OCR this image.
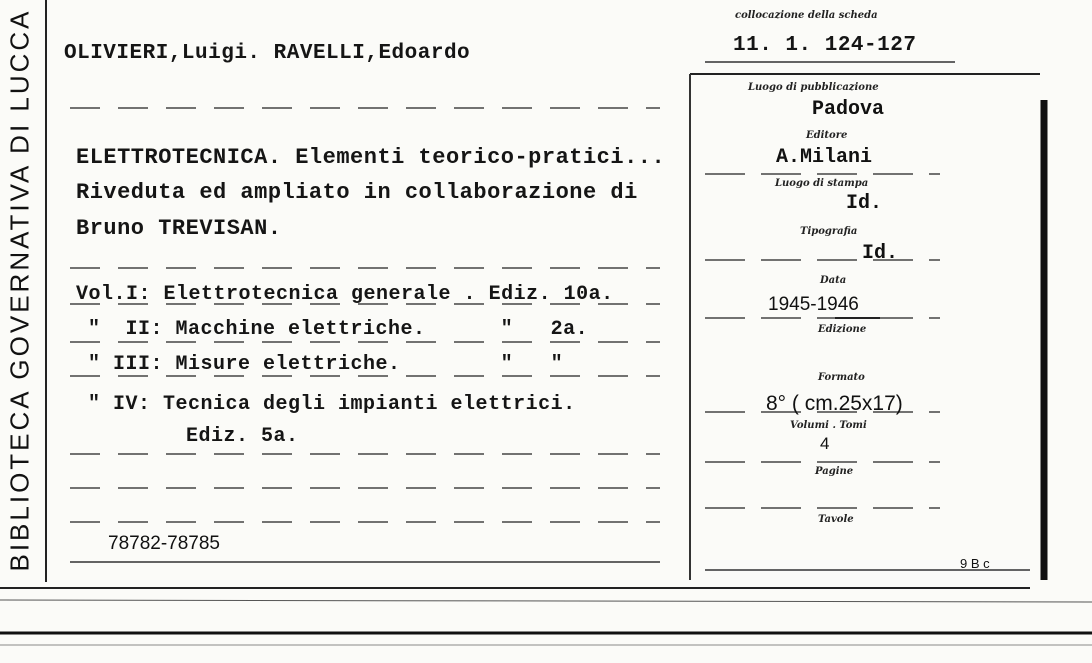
BIBLIOTECA GOVERNATIVA DI LUCCA	collocazione della scheda
11. 1. 124-127
OLIVIERI,Luigi. RAVELLI,Edoardo
ELETTROTECNICA. Elementi teorico-pratici...
Riveduta ed ampliato in collaborazione di
Bruno TREVISAN.
Vol.I: Elettrotecnica generale . Ediz. 10a.
"  II: Macchine elettriche.      "   2a.
" III: Misure elettriche.        "   "
" IV: Tecnica degli impianti elettrici.
Ediz. 5a.
78782-78785
Luogo di pubblicazione
Padova
Editore
A.Milani
Luogo di stampa
Id.
Tipografia
Id.
Data
1945-1946
Edizione
Formato
8° ( cm.25x17)
Volumi . Tomi
4
Pagine
Tavole
9 B c
